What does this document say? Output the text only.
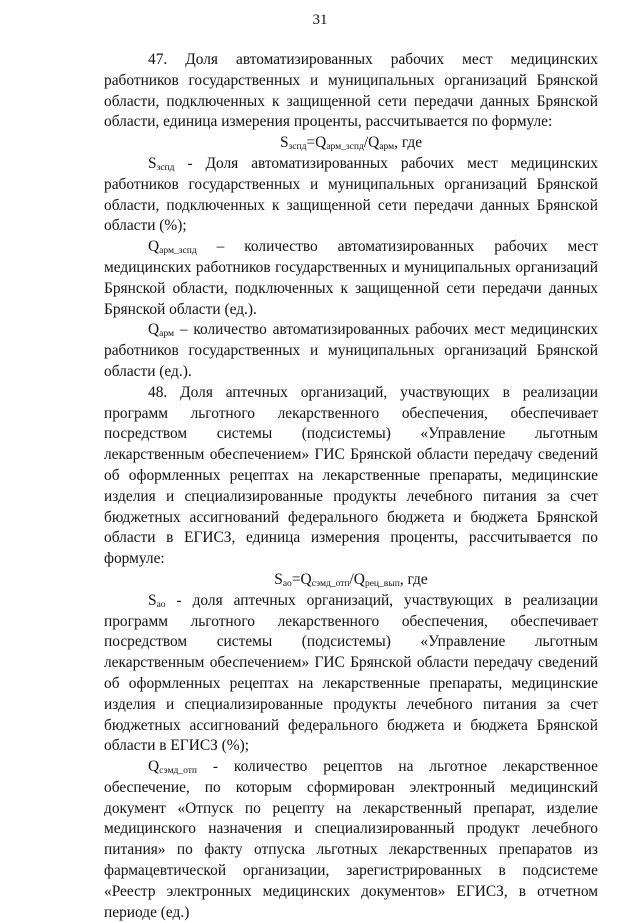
31

47. Доля автоматизированных рабочих мест медицинских работников государственных и муниципальных организаций Брянской области, подключенных к защищенной сети передачи данных Брянской области, единица измерения проценты, рассчитывается по формуле:

$S_{зспд}=Q_{арм\_зспд}/Q_{арм}$, где

$S_{зспд}$ - Доля автоматизированных рабочих мест медицинских работников государственных и муниципальных организаций Брянской области, подключенных к защищенной сети передачи данных Брянской области (%);

$Q_{арм\_зспд}$ – количество автоматизированных рабочих мест медицинских работников государственных и муниципальных организаций Брянской области, подключенных к защищенной сети передачи данных Брянской области (ед.).

$Q_{арм}$ – количество автоматизированных рабочих мест медицинских работников государственных и муниципальных организаций Брянской области (ед.).

48. Доля аптечных организаций, участвующих в реализации программ льготного лекарственного обеспечения, обеспечивает посредством системы (подсистемы) «Управление льготным лекарственным обеспечением» ГИС Брянской области передачу сведений об оформленных рецептах на лекарственные препараты, медицинские изделия и специализированные продукты лечебного питания за счет бюджетных ассигнований федерального бюджета и бюджета Брянской области в ЕГИСЗ, единица измерения проценты, рассчитывается по формуле:

$S_{ао}=Q_{сэмд\_отп}/Q_{рец\_вып}$, где

$S_{ао}$ - доля аптечных организаций, участвующих в реализации программ льготного лекарственного обеспечения, обеспечивает посредством системы (подсистемы) «Управление льготным лекарственным обеспечением» ГИС Брянской области передачу сведений об оформленных рецептах на лекарственные препараты, медицинские изделия и специализированные продукты лечебного питания за счет бюджетных ассигнований федерального бюджета и бюджета Брянской области в ЕГИСЗ (%);

$Q_{сэмд\_отп}$ - количество рецептов на льготное лекарственное обеспечение, по которым сформирован электронный медицинский документ «Отпуск по рецепту на лекарственный препарат, изделие медицинского назначения и специализированный продукт лечебного питания» по факту отпуска льготных лекарственных препаратов из фармацевтической организации, зарегистрированных в подсистеме «Реестр электронных медицинских документов» ЕГИСЗ, в отчетном периоде (ед.)
